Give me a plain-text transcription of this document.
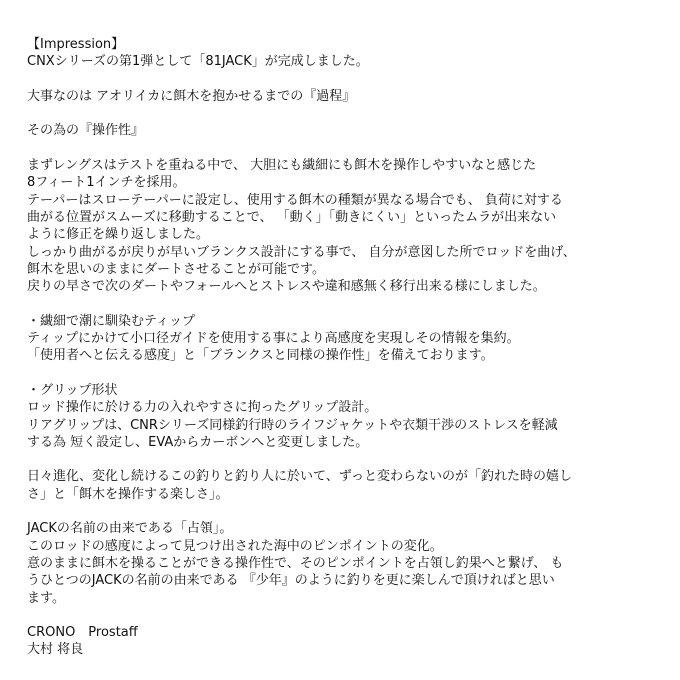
【Impression】
CNXシリーズの第1弾として「81JACK」が完成しました。
大事なのは アオリイカに餌木を抱かせるまでの『過程』
その為の『操作性』
まずレングスはテストを重ねる中で、 大胆にも繊細にも餌木を操作しやすいなと感じた
8フィート1インチを採用。
テーパーはスローテーパーに設定し、使用する餌木の種類が異なる場合でも、 負荷に対する
曲がる位置がスムーズに移動することで、 「動く」「動きにくい」といったムラが出来ない
ように修正を繰り返しました。
しっかり曲がるが戻りが早いブランクス設計にする事で、 自分が意図した所でロッドを曲げ、
餌木を思いのままにダートさせることが可能です。
戻りの早さで次のダートやフォールへとストレスや違和感無く移行出来る様にしました。
・繊細で潮に馴染むティップ
ティップにかけて小口径ガイドを使用する事により高感度を実現しその情報を集約。
「使用者へと伝える感度」と「ブランクスと同様の操作性」を備えております。
・グリップ形状
ロッド操作に於ける力の入れやすさに拘ったグリップ設計。
リアグリップは、CNRシリーズ同様釣行時のライフジャケットや衣類干渉のストレスを軽減
する為 短く設定し、EVAからカーボンへと変更しました。
日々進化、変化し続けるこの釣りと釣り人に於いて、ずっと変わらないのが「釣れた時の嬉し
さ」と「餌木を操作する楽しさ」。
JACKの名前の由来である「占領」。
このロッドの感度によって見つけ出された海中のピンポイントの変化。
意のままに餌木を操ることができる操作性で、そのピンポイントを占領し釣果へと繋げ、 も
うひとつのJACKの名前の由来である 『少年』のように釣りを更に楽しんで頂ければと思い
ます。
CRONO　Prostaff
大村 将良
